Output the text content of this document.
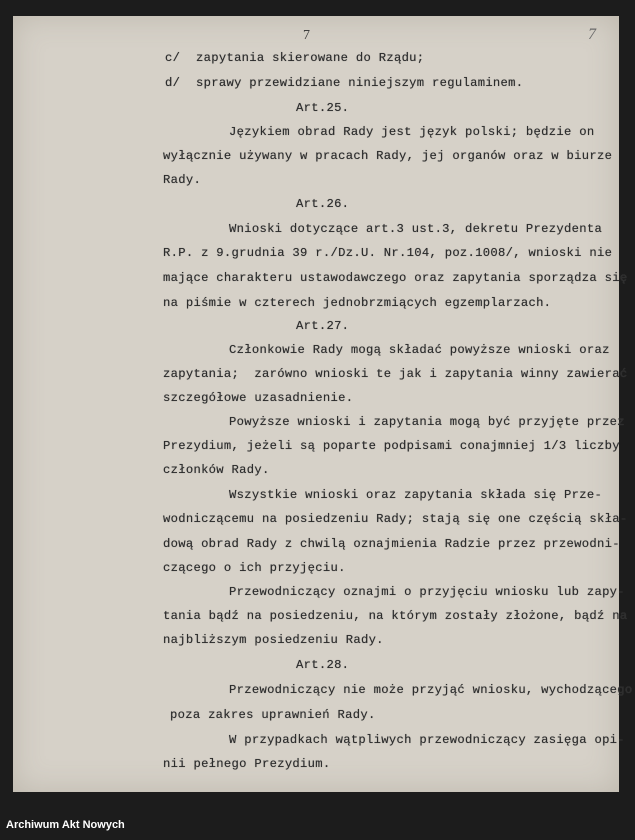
7	7
c/ zapytania skierowane do Rządu;
d/ sprawy przewidziane niniejszym regulaminem.
Art.25.
Językiem obrad Rady jest język polski; będzie on
wyłącznie używany w pracach Rady, jej organów oraz w biurze
Rady.
Art.26.
Wnioski dotyczące art.3 ust.3, dekretu Prezydenta
R.P. z 9.grudnia 39 r./Dz.U. Nr.104, poz.1008/, wnioski nie
mające charakteru ustawodawczego oraz zapytania sporządza się
na piśmie w czterech jednobrzmiących egzemplarzach.
Art.27.
Członkowie Rady mogą składać powyższe wnioski oraz
zapytania;  zarówno wnioski te jak i zapytania winny zawierać
szczegółowe uzasadnienie.
Powyższe wnioski i zapytania mogą być przyjęte przez
Prezydium, jeżeli są poparte podpisami conajmniej 1/3 liczby
członków Rady.
Wszystkie wnioski oraz zapytania składa się Prze-
wodniczącemu na posiedzeniu Rady; stają się one częścią skła-
dową obrad Rady z chwilą oznajmienia Radzie przez przewodni-
czącego o ich przyjęciu.
Przewodniczący oznajmi o przyjęciu wniosku lub zapy-
tania bądź na posiedzeniu, na którym zostały złożone, bądź na
najbliższym posiedzeniu Rady.
Art.28.
Przewodniczący nie może przyjąć wniosku, wychodzącego
poza zakres uprawnień Rady.
W przypadkach wątpliwych przewodniczący zasięga opi-
nii pełnego Prezydium.
Archiwum Akt Nowych
